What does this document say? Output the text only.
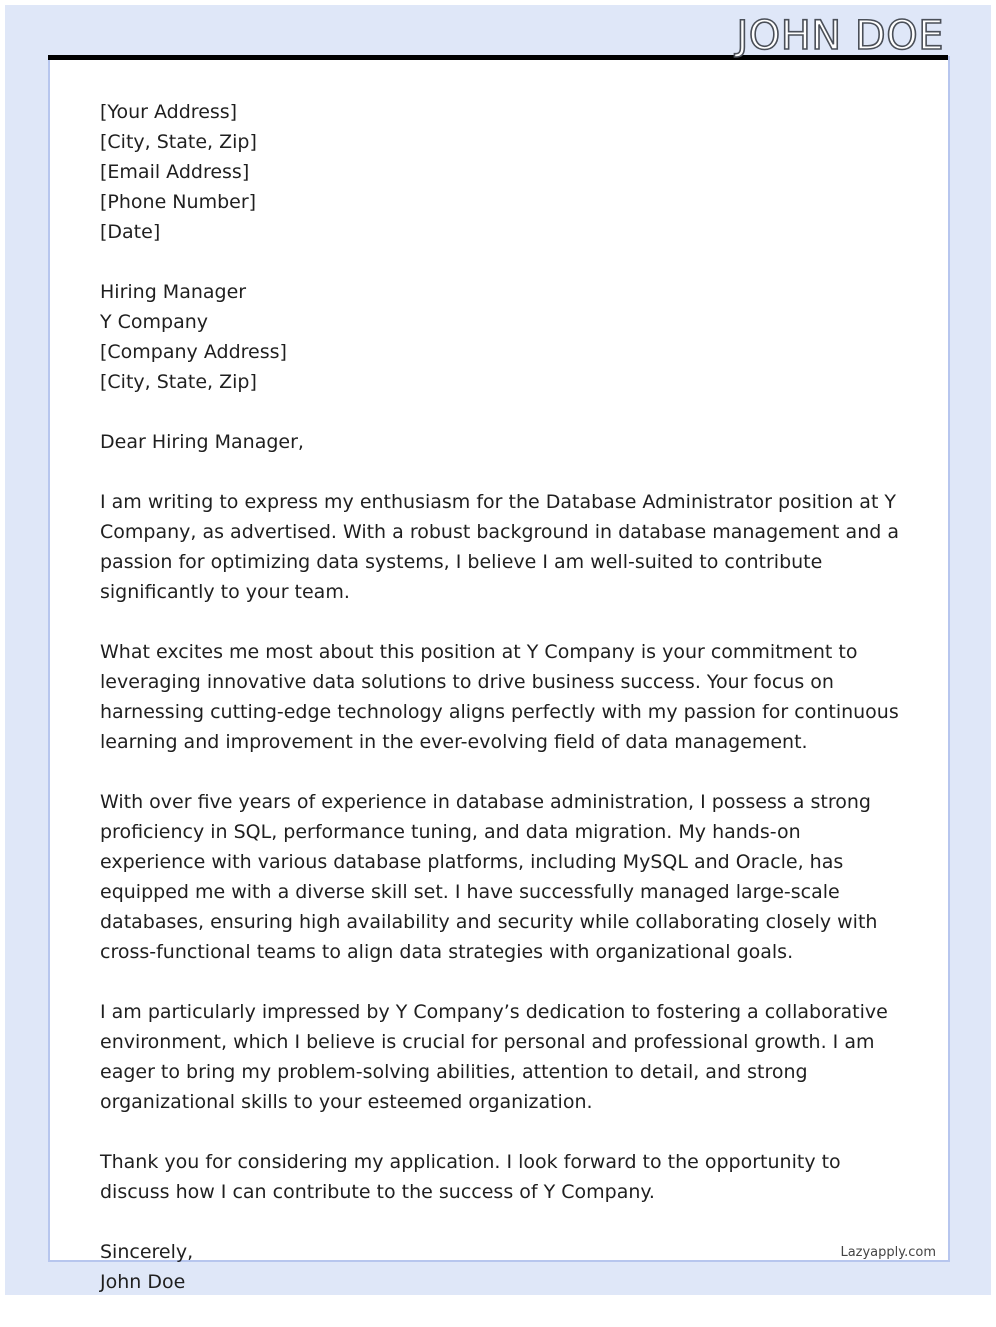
JOHN DOE

[Your Address]
[City, State, Zip]
[Email Address]
[Phone Number]
[Date]

Hiring Manager
Y Company
[Company Address]
[City, State, Zip]

Dear Hiring Manager,

I am writing to express my enthusiasm for the Database Administrator position at Y Company, as advertised. With a robust background in database management and a passion for optimizing data systems, I believe I am well-suited to contribute significantly to your team.

What excites me most about this position at Y Company is your commitment to leveraging innovative data solutions to drive business success. Your focus on harnessing cutting-edge technology aligns perfectly with my passion for continuous learning and improvement in the ever-evolving field of data management.

With over five years of experience in database administration, I possess a strong proficiency in SQL, performance tuning, and data migration. My hands-on experience with various database platforms, including MySQL and Oracle, has equipped me with a diverse skill set. I have successfully managed large-scale databases, ensuring high availability and security while collaborating closely with cross-functional teams to align data strategies with organizational goals.

I am particularly impressed by Y Company’s dedication to fostering a collaborative environment, which I believe is crucial for personal and professional growth. I am eager to bring my problem-solving abilities, attention to detail, and strong organizational skills to your esteemed organization.

Thank you for considering my application. I look forward to the opportunity to discuss how I can contribute to the success of Y Company.

Sincerely,
John Doe

Lazyapply.com
